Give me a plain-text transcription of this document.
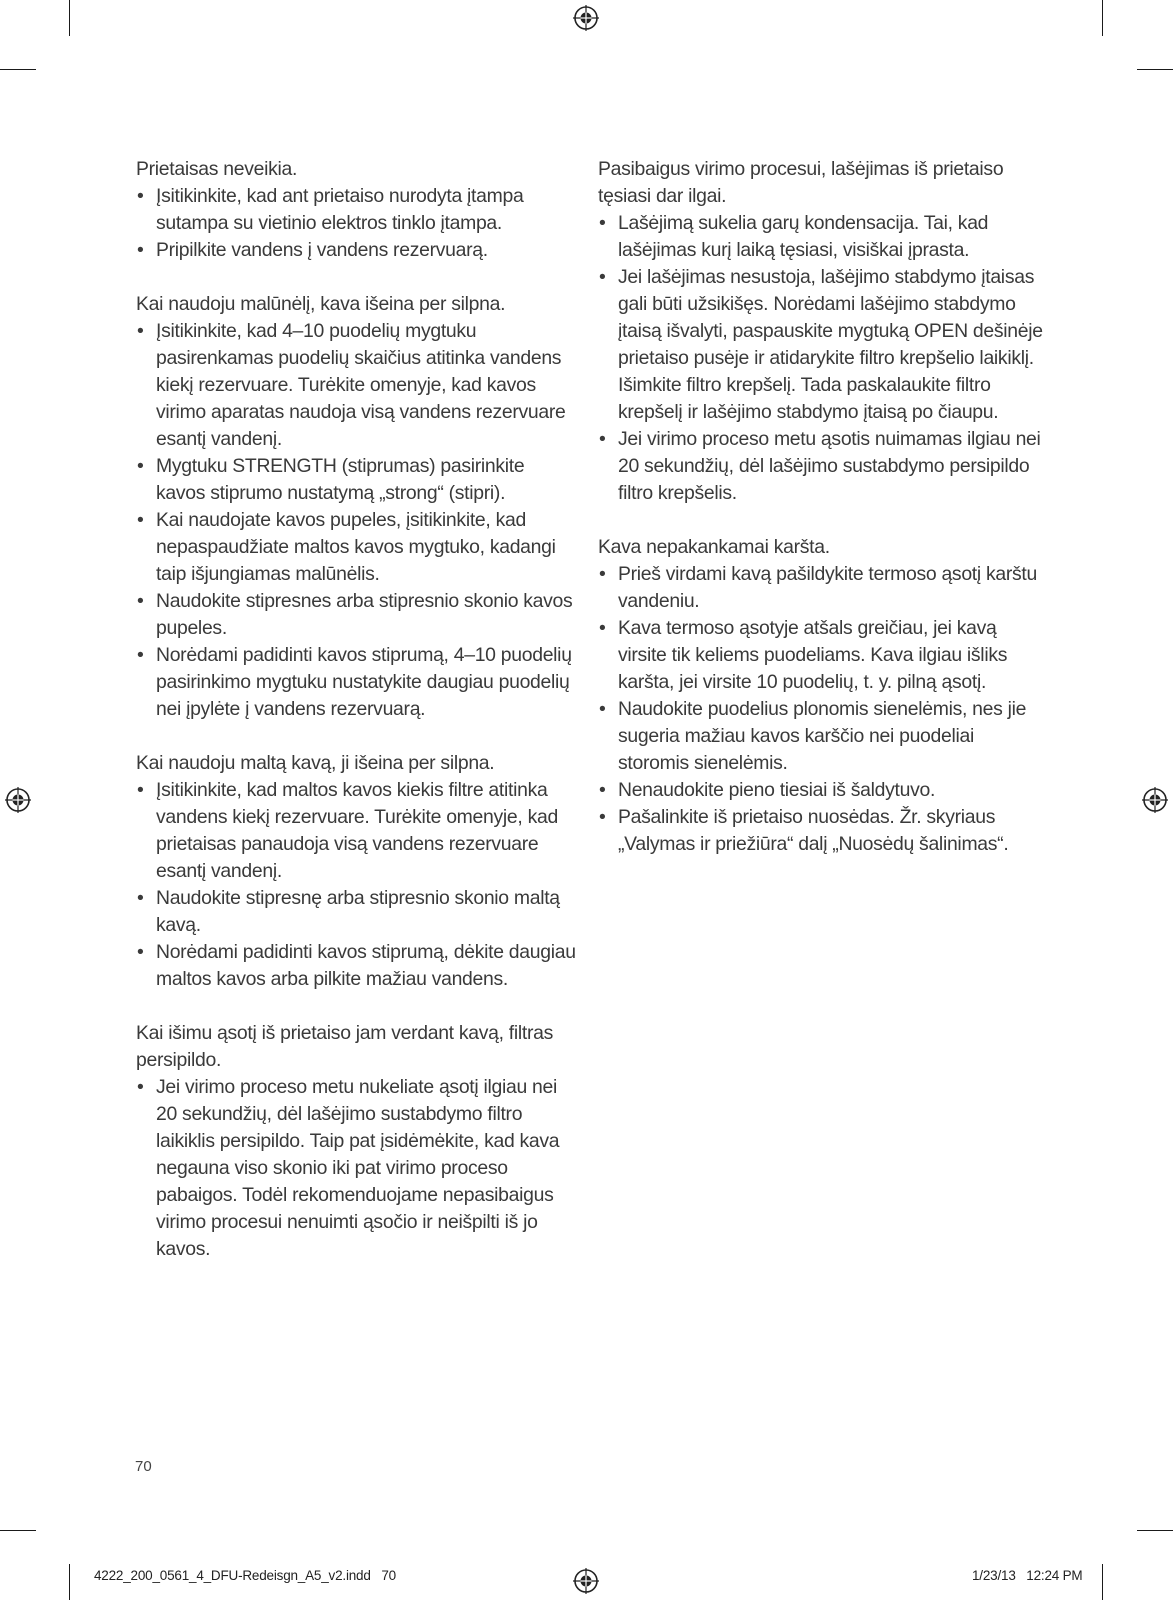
Prietaisas neveikia.

• Įsitikinkite, kad ant prietaiso nurodyta įtampa sutampa su vietinio elektros tinklo įtampa.
• Pripilkite vandens į vandens rezervuarą.

Kai naudoju malūnėlį, kava išeina per silpna.

• Įsitikinkite, kad 4–10 puodelių mygtuku pasirenkamas puodelių skaičius atitinka vandens kiekį rezervuare. Turėkite omenyje, kad kavos virimo aparatas naudoja visą vandens rezervuare esantį vandenį.
• Mygtuku STRENGTH (stiprumas) pasirinkite kavos stiprumo nustatymą „strong“ (stipri).
• Kai naudojate kavos pupeles, įsitikinkite, kad nepaspaudžiate maltos kavos mygtuko, kadangi taip išjungiamas malūnėlis.
• Naudokite stipresnes arba stipresnio skonio kavos pupeles.
• Norėdami padidinti kavos stiprumą, 4–10 puodelių pasirinkimo mygtuku nustatykite daugiau puodelių nei įpylėte į vandens rezervuarą.

Kai naudoju maltą kavą, ji išeina per silpna.

• Įsitikinkite, kad maltos kavos kiekis filtre atitinka vandens kiekį rezervuare. Turėkite omenyje, kad prietaisas panaudoja visą vandens rezervuare esantį vandenį.
• Naudokite stipresnę arba stipresnio skonio maltą kavą.
• Norėdami padidinti kavos stiprumą, dėkite daugiau maltos kavos arba pilkite mažiau vandens.

Kai išimu ąsotį iš prietaiso jam verdant kavą, filtras persipildo.

• Jei virimo proceso metu nukeliate ąsotį ilgiau nei 20 sekundžių, dėl lašėjimo sustabdymo filtro laikiklis persipildo. Taip pat įsidėmėkite, kad kava negauna viso skonio iki pat virimo proceso pabaigos. Todėl rekomenduojame nepasibaigus virimo procesui nenuimti ąsočio ir neišpilti iš jo kavos.

Pasibaigus virimo procesui, lašėjimas iš prietaiso tęsiasi dar ilgai.

• Lašėjimą sukelia garų kondensacija. Tai, kad lašėjimas kurį laiką tęsiasi, visiškai įprasta.
• Jei lašėjimas nesustoja, lašėjimo stabdymo įtaisas gali būti užsikišęs. Norėdami lašėjimo stabdymo įtaisą išvalyti, paspauskite mygtuką OPEN dešinėje prietaiso pusėje ir atidarykite filtro krepšelio laikiklį. Išimkite filtro krepšelį. Tada paskalaukite filtro krepšelį ir lašėjimo stabdymo įtaisą po čiaupu.
• Jei virimo proceso metu ąsotis nuimamas ilgiau nei 20 sekundžių, dėl lašėjimo sustabdymo persipildo filtro krepšelis.

Kava nepakankamai karšta.

• Prieš virdami kavą pašildykite termoso ąsotį karštu vandeniu.
• Kava termoso ąsotyje atšals greičiau, jei kavą virsite tik keliems puodeliams. Kava ilgiau išliks karšta, jei virsite 10 puodelių, t. y. pilną ąsotį.
• Naudokite puodelius plonomis sienelėmis, nes jie sugeria mažiau kavos karščio nei puodeliai storomis sienelėmis.
• Nenaudokite pieno tiesiai iš šaldytuvo.
• Pašalinkite iš prietaiso nuosėdas. Žr. skyriaus „Valymas ir priežiūra“ dalį „Nuosėdų šalinimas“.
70
4222_200_0561_4_DFU-Redeisgn_A5_v2.indd   70	1/23/13   12:24 PM
